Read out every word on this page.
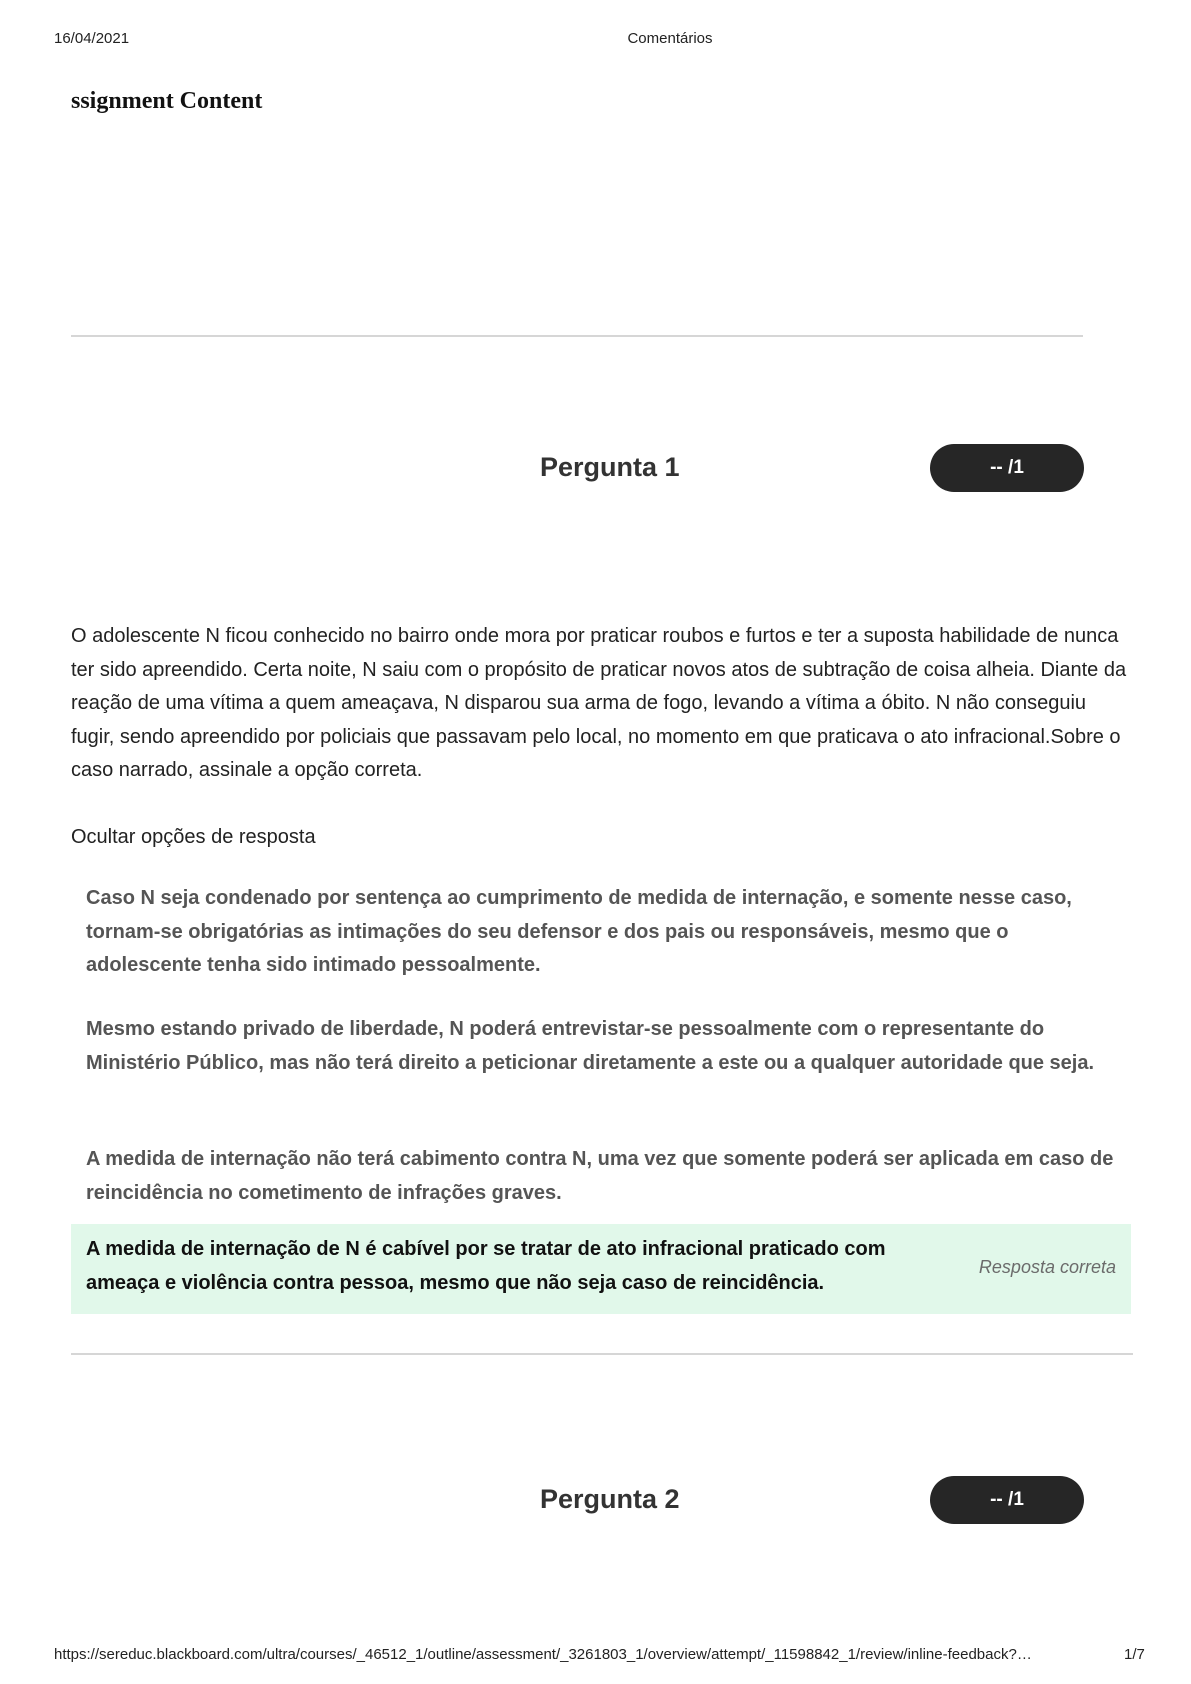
16/04/2021	Comentários
ssignment Content
Pergunta 1	-- /1
O adolescente N ficou conhecido no bairro onde mora por praticar roubos e furtos e ter a suposta habilidade de nunca ter sido apreendido. Certa noite, N saiu com o propósito de praticar novos atos de subtração de coisa alheia. Diante da reação de uma vítima a quem ameaçava, N disparou sua arma de fogo, levando a vítima a óbito. N não conseguiu fugir, sendo apreendido por policiais que passavam pelo local, no momento em que praticava o ato infracional.Sobre o caso narrado, assinale a opção correta.
Ocultar opções de resposta
Caso N seja condenado por sentença ao cumprimento de medida de internação, e somente nesse caso, tornam-se obrigatórias as intimações do seu defensor e dos pais ou responsáveis, mesmo que o adolescente tenha sido intimado pessoalmente.
Mesmo estando privado de liberdade, N poderá entrevistar-se pessoalmente com o representante do Ministério Público, mas não terá direito a peticionar diretamente a este ou a qualquer autoridade que seja.
A medida de internação não terá cabimento contra N, uma vez que somente poderá ser aplicada em caso de reincidência no cometimento de infrações graves.
A medida de internação de N é cabível por se tratar de ato infracional praticado com ameaça e violência contra pessoa, mesmo que não seja caso de reincidência.
Resposta correta
Pergunta 2	-- /1
https://sereduc.blackboard.com/ultra/courses/_46512_1/outline/assessment/_3261803_1/overview/attempt/_11598842_1/review/inline-feedback?…	1/7
